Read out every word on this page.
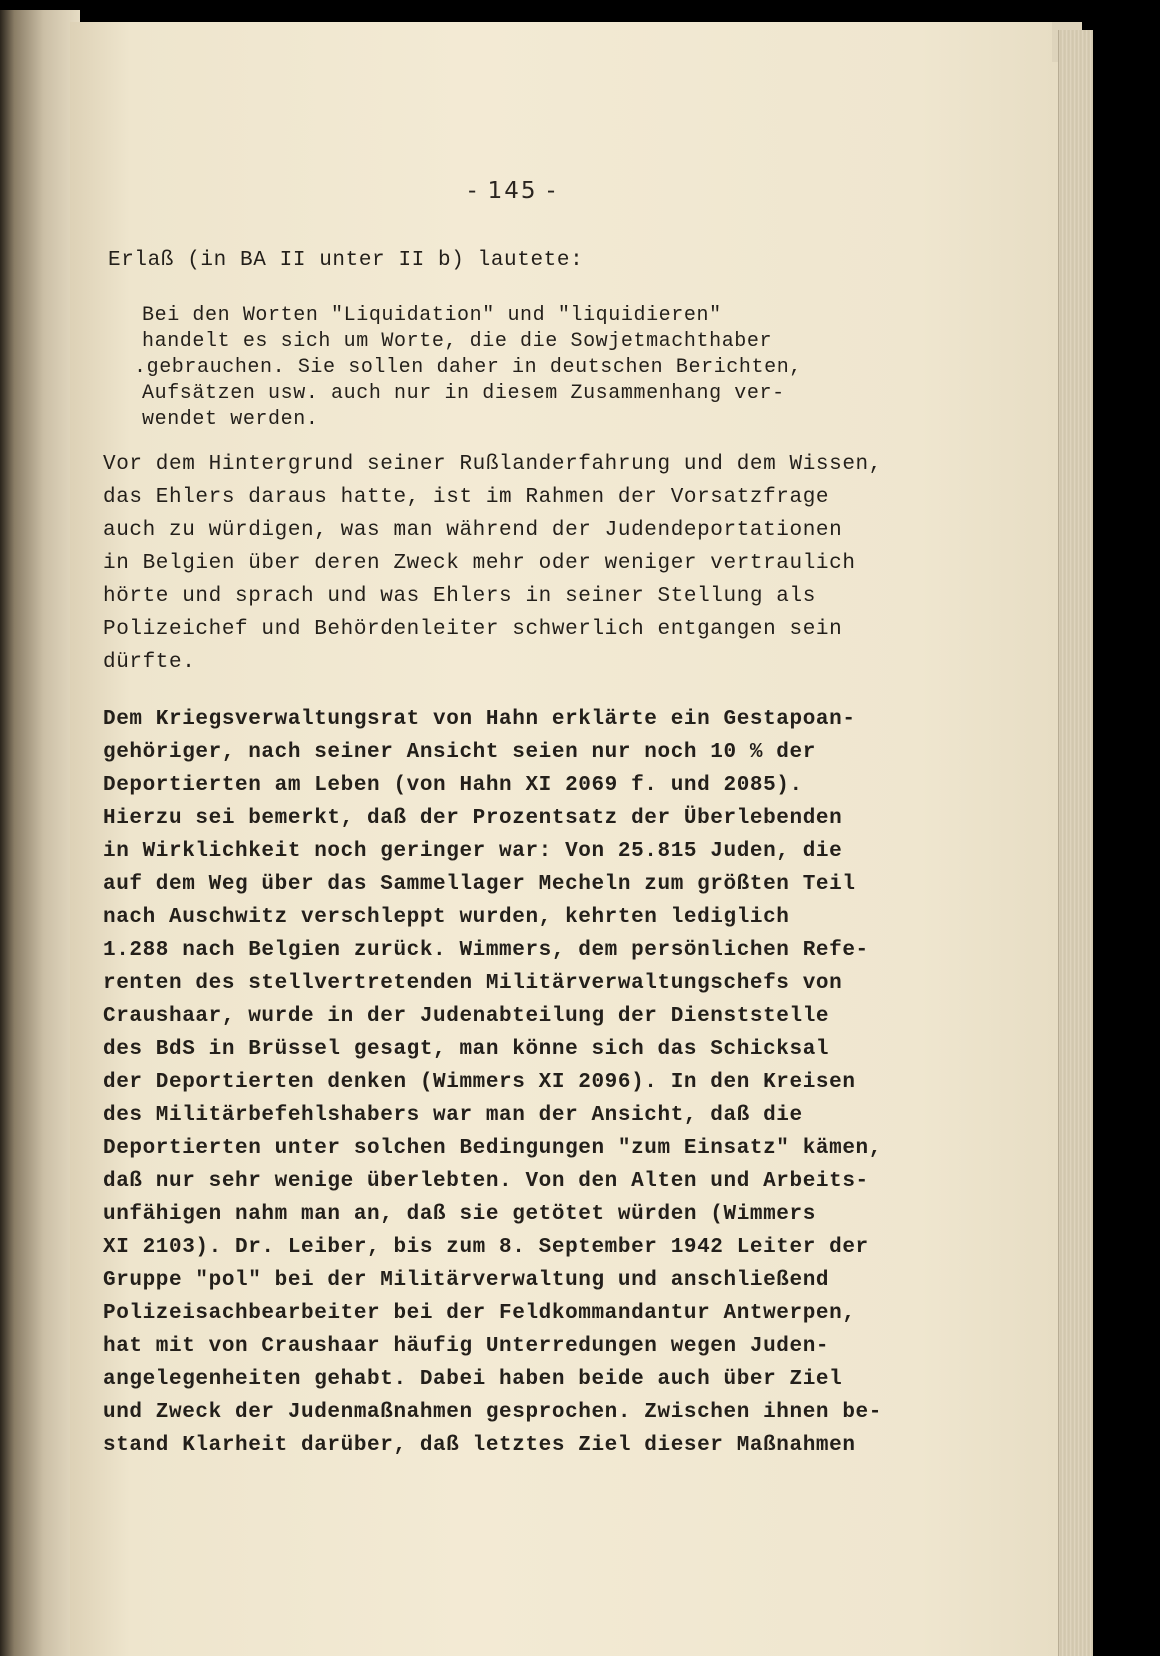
- 145 -
Erlaß (in BA II unter II b) lautete:
Bei den Worten "Liquidation" und "liquidieren"
handelt es sich um Worte, die die Sowjetmachthaber
.gebrauchen. Sie sollen daher in deutschen Berichten,
Aufsätzen usw. auch nur in diesem Zusammenhang ver-
wendet werden.
Vor dem Hintergrund seiner Rußlanderfahrung und dem Wissen,
das Ehlers daraus hatte, ist im Rahmen der Vorsatzfrage
auch zu würdigen, was man während der Judendeportationen
in Belgien über deren Zweck mehr oder weniger vertraulich
hörte und sprach und was Ehlers in seiner Stellung als
Polizeichef und Behördenleiter schwerlich entgangen sein
dürfte.
Dem Kriegsverwaltungsrat von Hahn erklärte ein Gestapoan-
gehöriger, nach seiner Ansicht seien nur noch 10 % der
Deportierten am Leben (von Hahn XI 2069 f. und 2085).
Hierzu sei bemerkt, daß der Prozentsatz der Überlebenden
in Wirklichkeit noch geringer war: Von 25.815 Juden, die
auf dem Weg über das Sammellager Mecheln zum größten Teil
nach Auschwitz verschleppt wurden, kehrten lediglich
1.288 nach Belgien zurück. Wimmers, dem persönlichen Refe-
renten des stellvertretenden Militärverwaltungschefs von
Craushaar, wurde in der Judenabteilung der Dienststelle
des BdS in Brüssel gesagt, man könne sich das Schicksal
der Deportierten denken (Wimmers XI 2096). In den Kreisen
des Militärbefehlshabers war man der Ansicht, daß die
Deportierten unter solchen Bedingungen "zum Einsatz" kämen,
daß nur sehr wenige überlebten. Von den Alten und Arbeits-
unfähigen nahm man an, daß sie getötet würden (Wimmers
XI 2103). Dr. Leiber, bis zum 8. September 1942 Leiter der
Gruppe "pol" bei der Militärverwaltung und anschließend
Polizeisachbearbeiter bei der Feldkommandantur Antwerpen,
hat mit von Craushaar häufig Unterredungen wegen Juden-
angelegenheiten gehabt. Dabei haben beide auch über Ziel
und Zweck der Judenmaßnahmen gesprochen. Zwischen ihnen be-
stand Klarheit darüber, daß letztes Ziel dieser Maßnahmen
